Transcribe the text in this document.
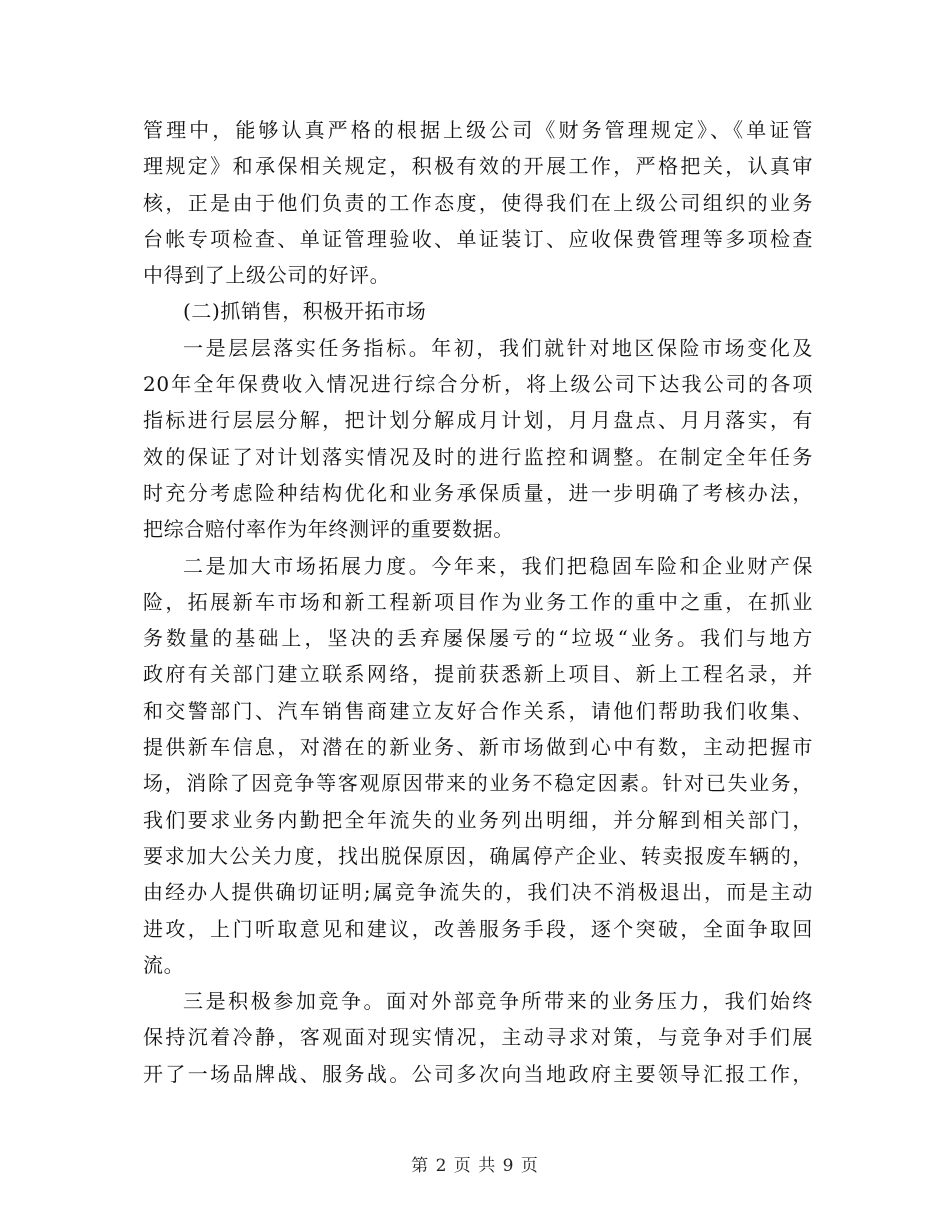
管理中，能够认真严格的根据上级公司《财务管理规定》、《单证管
理规定》和承保相关规定，积极有效的开展工作，严格把关，认真审
核，正是由于他们负责的工作态度，使得我们在上级公司组织的业务
台帐专项检查、单证管理验收、单证装订、应收保费管理等多项检查
中得到了上级公司的好评。
(二)抓销售，积极开拓市场
一是层层落实任务指标。年初，我们就针对地区保险市场变化及
20年全年保费收入情况进行综合分析，将上级公司下达我公司的各项
指标进行层层分解，把计划分解成月计划，月月盘点、月月落实，有
效的保证了对计划落实情况及时的进行监控和调整。在制定全年任务
时充分考虑险种结构优化和业务承保质量，进一步明确了考核办法，
把综合赔付率作为年终测评的重要数据。
二是加大市场拓展力度。今年来，我们把稳固车险和企业财产保
险，拓展新车市场和新工程新项目作为业务工作的重中之重，在抓业
务数量的基础上，坚决的丢弃屡保屡亏的“垃圾“业务。我们与地方
政府有关部门建立联系网络，提前获悉新上项目、新上工程名录，并
和交警部门、汽车销售商建立友好合作关系，请他们帮助我们收集、
提供新车信息，对潜在的新业务、新市场做到心中有数，主动把握市
场，消除了因竞争等客观原因带来的业务不稳定因素。针对已失业务，
我们要求业务内勤把全年流失的业务列出明细，并分解到相关部门，
要求加大公关力度，找出脱保原因，确属停产企业、转卖报废车辆的，
由经办人提供确切证明;属竞争流失的，我们决不消极退出，而是主动
进攻，上门听取意见和建议，改善服务手段，逐个突破，全面争取回
流。
三是积极参加竞争。面对外部竞争所带来的业务压力，我们始终
保持沉着冷静，客观面对现实情况，主动寻求对策，与竞争对手们展
开了一场品牌战、服务战。公司多次向当地政府主要领导汇报工作，
第 2 页 共 9 页
